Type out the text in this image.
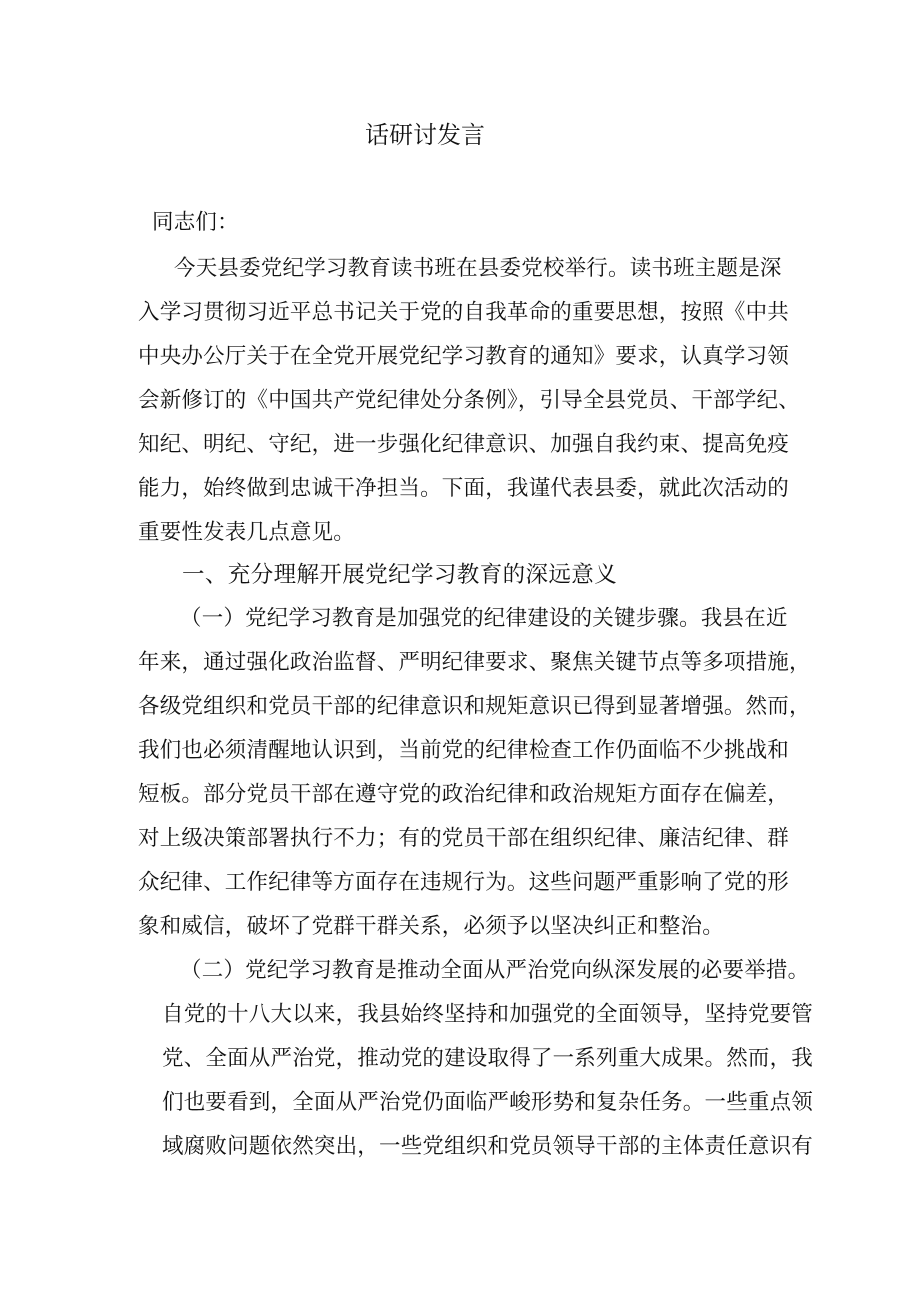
话研讨发言
同志们：
今天县委党纪学习教育读书班在县委党校举行。读书班主题是深
入学习贯彻习近平总书记关于党的自我革命的重要思想，按照《中共
中央办公厅关于在全党开展党纪学习教育的通知》要求，认真学习领
会新修订的《中国共产党纪律处分条例》，引导全县党员、干部学纪、
知纪、明纪、守纪，进一步强化纪律意识、加强自我约束、提高免疫
能力，始终做到忠诚干净担当。下面，我谨代表县委，就此次活动的
重要性发表几点意见。
一、充分理解开展党纪学习教育的深远意义
（一）党纪学习教育是加强党的纪律建设的关键步骤。我县在近
年来，通过强化政治监督、严明纪律要求、聚焦关键节点等多项措施，
各级党组织和党员干部的纪律意识和规矩意识已得到显著增强。然而，
我们也必须清醒地认识到，当前党的纪律检查工作仍面临不少挑战和
短板。部分党员干部在遵守党的政治纪律和政治规矩方面存在偏差，
对上级决策部署执行不力；有的党员干部在组织纪律、廉洁纪律、群
众纪律、工作纪律等方面存在违规行为。这些问题严重影响了党的形
象和威信，破坏了党群干群关系，必须予以坚决纠正和整治。
（二）党纪学习教育是推动全面从严治党向纵深发展的必要举措。
自党的十八大以来，我县始终坚持和加强党的全面领导，坚持党要管
党、全面从严治党，推动党的建设取得了一系列重大成果。然而，我
们也要看到，全面从严治党仍面临严峻形势和复杂任务。一些重点领
域腐败问题依然突出，一些党组织和党员领导干部的主体责任意识有
